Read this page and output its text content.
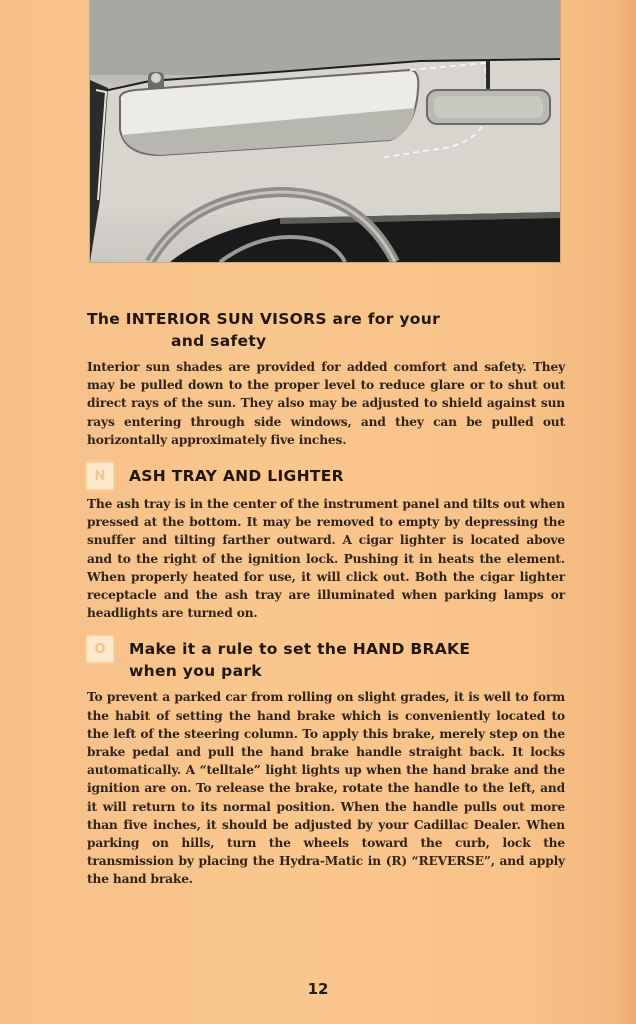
The INTERIOR SUN VISORS are for your
and safety

Interior sun shades are provided for added comfort and safety. They may be pulled down to the proper level to reduce glare or to shut out direct rays of the sun. They also may be adjusted to shield against sun rays entering through side windows, and they can be pulled out horizontally approximately five inches.

N	ASH TRAY AND LIGHTER

The ash tray is in the center of the instrument panel and tilts out when pressed at the bottom. It may be removed to empty by depressing the snuffer and tilting farther outward. A cigar lighter is located above and to the right of the ignition lock. Pushing it in heats the element. When properly heated for use, it will click out. Both the cigar lighter receptacle and the ash tray are illuminated when parking lamps or headlights are turned on.

O	Make it a rule to set the HAND BRAKE
when you park

To prevent a parked car from rolling on slight grades, it is well to form the habit of setting the hand brake which is conveniently located to the left of the steering column. To apply this brake, merely step on the brake pedal and pull the hand brake handle straight back. It locks automatically. A “telltale” light lights up when the hand brake and the ignition are on. To release the brake, rotate the handle to the left, and it will return to its normal position. When the handle pulls out more than five inches, it should be adjusted by your Cadillac Dealer. When parking on hills, turn the wheels toward the curb, lock the transmission by placing the Hydra-Matic in (R) “REVERSE”, and apply the hand brake.

12
